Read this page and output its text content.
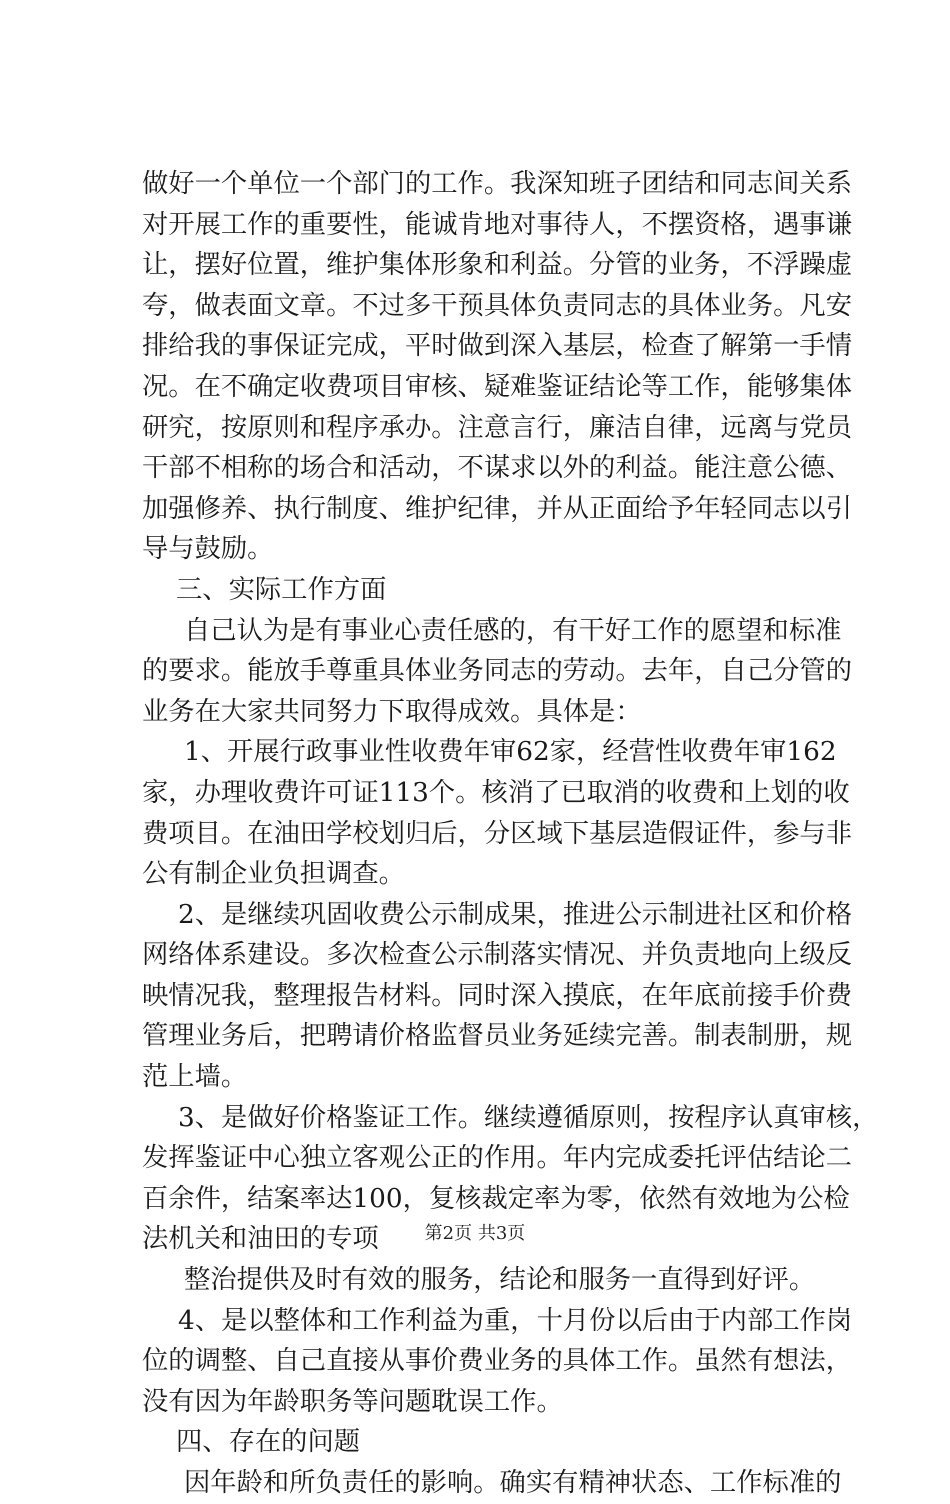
做好一个单位一个部门的工作。我深知班子团结和同志间关系
对开展工作的重要性，能诚肯地对事待人，不摆资格，遇事谦
让，摆好位置，维护集体形象和利益。分管的业务，不浮躁虚
夸，做表面文章。不过多干预具体负责同志的具体业务。凡安
排给我的事保证完成，平时做到深入基层，检查了解第一手情
况。在不确定收费项目审核、疑难鉴证结论等工作，能够集体
研究，按原则和程序承办。注意言行，廉洁自律，远离与党员
干部不相称的场合和活动，不谋求以外的利益。能注意公德、
加强修养、执行制度、维护纪律，并从正面给予年轻同志以引
导与鼓励。
三、实际工作方面
自己认为是有事业心责任感的，有干好工作的愿望和标准
的要求。能放手尊重具体业务同志的劳动。去年，自己分管的
业务在大家共同努力下取得成效。具体是：
1、开展行政事业性收费年审62家，经营性收费年审162
家，办理收费许可证113个。核消了已取消的收费和上划的收
费项目。在油田学校划归后，分区域下基层造假证件，参与非
公有制企业负担调查。
2、是继续巩固收费公示制成果，推进公示制进社区和价格
网络体系建设。多次检查公示制落实情况、并负责地向上级反
映情况我，整理报告材料。同时深入摸底，在年底前接手价费
管理业务后，把聘请价格监督员业务延续完善。制表制册，规
范上墙。
3、是做好价格鉴证工作。继续遵循原则，按程序认真审核，
发挥鉴证中心独立客观公正的作用。年内完成委托评估结论二
百余件，结案率达100，复核裁定率为零，依然有效地为公检
法机关和油田的专项
整治提供及时有效的服务，结论和服务一直得到好评。
4、是以整体和工作利益为重，十月份以后由于内部工作岗
位的调整、自己直接从事价费业务的具体工作。虽然有想法，
没有因为年龄职务等问题耽误工作。
四、存在的问题
因年龄和所负责任的影响。确实有精神状态、工作标准的
第2页 共3页
